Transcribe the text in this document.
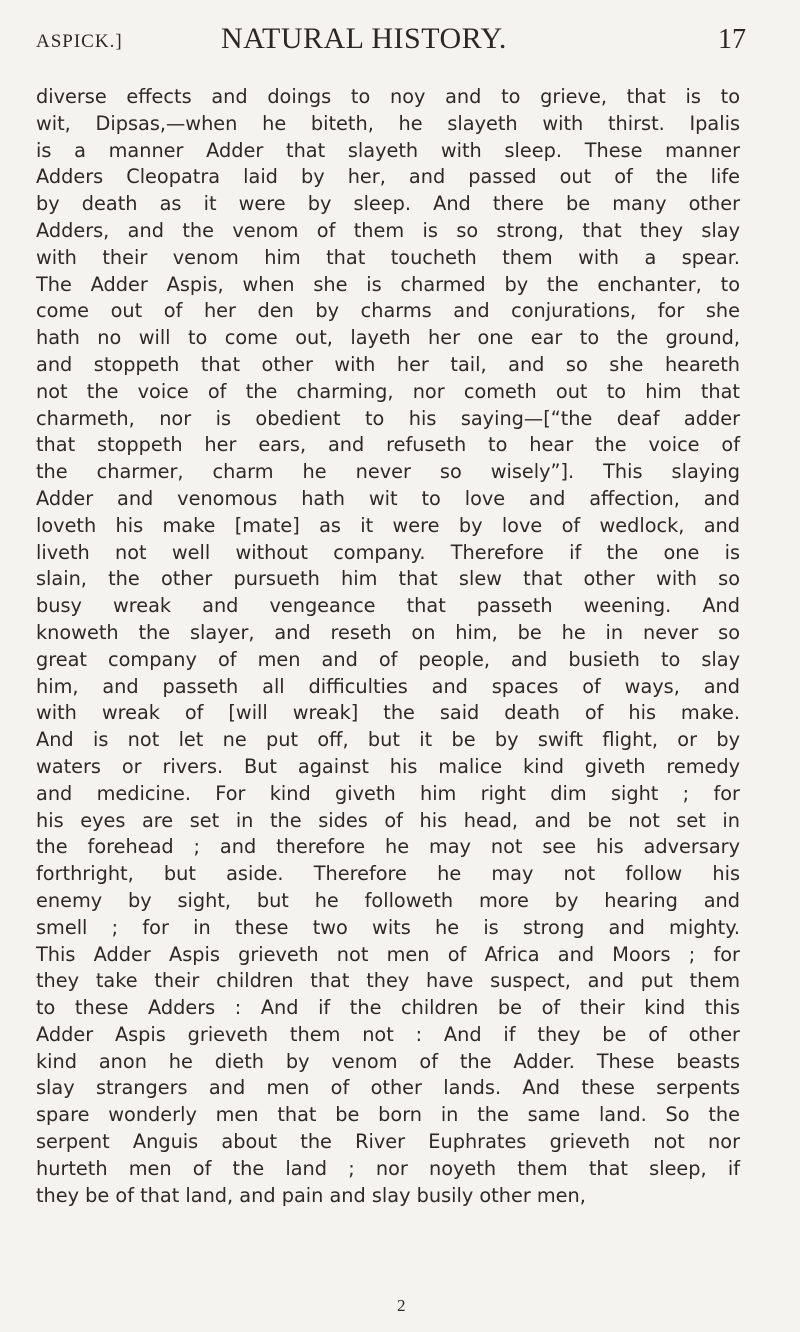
ASPICK.]	NATURAL HISTORY.	17
diverse effects and doings to noy and to grieve, that is to
wit, Dipsas,—when he biteth, he slayeth with thirst. Ipalis
is a manner Adder that slayeth with sleep. These manner
Adders Cleopatra laid by her, and passed out of the life
by death as it were by sleep. And there be many other
Adders, and the venom of them is so strong, that they slay
with their venom him that toucheth them with a spear.
The Adder Aspis, when she is charmed by the enchanter, to
come out of her den by charms and conjurations, for she
hath no will to come out, layeth her one ear to the ground,
and stoppeth that other with her tail, and so she heareth
not the voice of the charming, nor cometh out to him that
charmeth, nor is obedient to his saying—[“the deaf adder
that stoppeth her ears, and refuseth to hear the voice of
the charmer, charm he never so wisely”]. This slaying
Adder and venomous hath wit to love and affection, and
loveth his make [mate] as it were by love of wedlock, and
liveth not well without company. Therefore if the one is
slain, the other pursueth him that slew that other with so
busy wreak and vengeance that passeth weening. And
knoweth the slayer, and reseth on him, be he in never so
great company of men and of people, and busieth to slay
him, and passeth all difficulties and spaces of ways, and
with wreak of [will wreak] the said death of his make.
And is not let ne put off, but it be by swift flight, or by
waters or rivers. But against his malice kind giveth remedy
and medicine. For kind giveth him right dim sight ; for
his eyes are set in the sides of his head, and be not set in
the forehead ; and therefore he may not see his adversary
forthright, but aside. Therefore he may not follow his
enemy by sight, but he followeth more by hearing and
smell ; for in these two wits he is strong and mighty.
This Adder Aspis grieveth not men of Africa and Moors ; for
they take their children that they have suspect, and put them
to these Adders : And if the children be of their kind this
Adder Aspis grieveth them not : And if they be of other
kind anon he dieth by venom of the Adder. These beasts
slay strangers and men of other lands. And these serpents
spare wonderly men that be born in the same land. So the
serpent Anguis about the River Euphrates grieveth not nor
hurteth men of the land ; nor noyeth them that sleep, if
they be of that land, and pain and slay busily other men,
2
